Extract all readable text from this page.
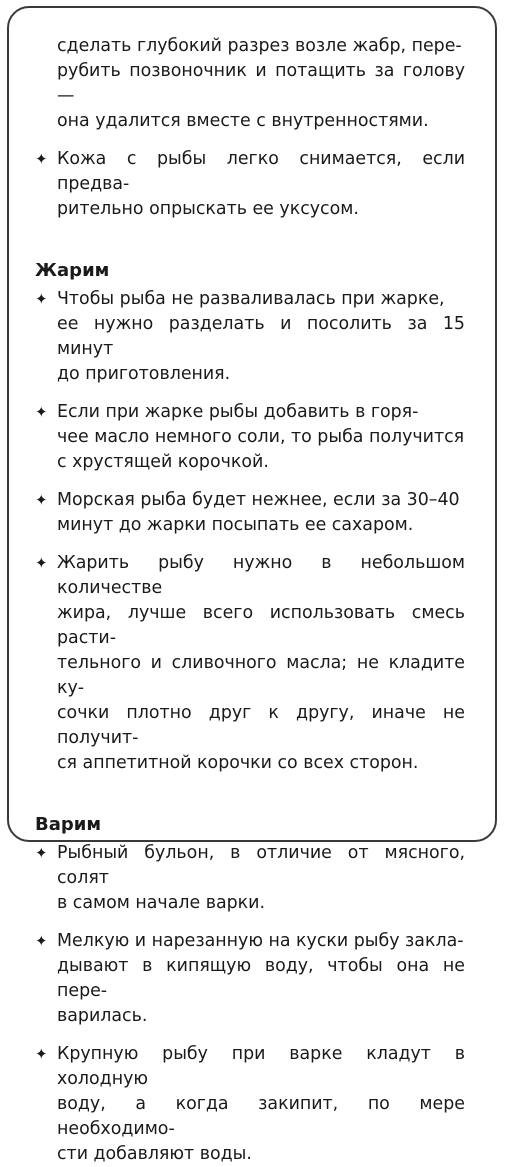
сделать глубокий разрез возле жабр, пере-
рубить позвоночник и потащить за голову —
она удалится вместе с внутренностями.
✦ Кожа с рыбы легко снимается, если предва-
рительно опрыскать ее уксусом.
Жарим
✦ Чтобы рыба не разваливалась при жарке,
ее нужно разделать и посолить за 15 минут
до приготовления.
✦ Если при жарке рыбы добавить в горя-
чее масло немного соли, то рыба получится
с хрустящей корочкой.
✦ Морская рыба будет нежнее, если за 30–40
минут до жарки посыпать ее сахаром.
✦ Жарить рыбу нужно в небольшом количестве
жира, лучше всего использовать смесь расти-
тельного и сливочного масла; не кладите ку-
сочки плотно друг к другу, иначе не получит-
ся аппетитной корочки со всех сторон.
Варим
✦ Рыбный бульон, в отличие от мясного, солят
в самом начале варки.
✦ Мелкую и нарезанную на куски рыбу закла-
дывают в кипящую воду, чтобы она не пере-
варилась.
✦ Крупную рыбу при варке кладут в холодную
воду, а когда закипит, по мере необходимо-
сти добавляют воды.
